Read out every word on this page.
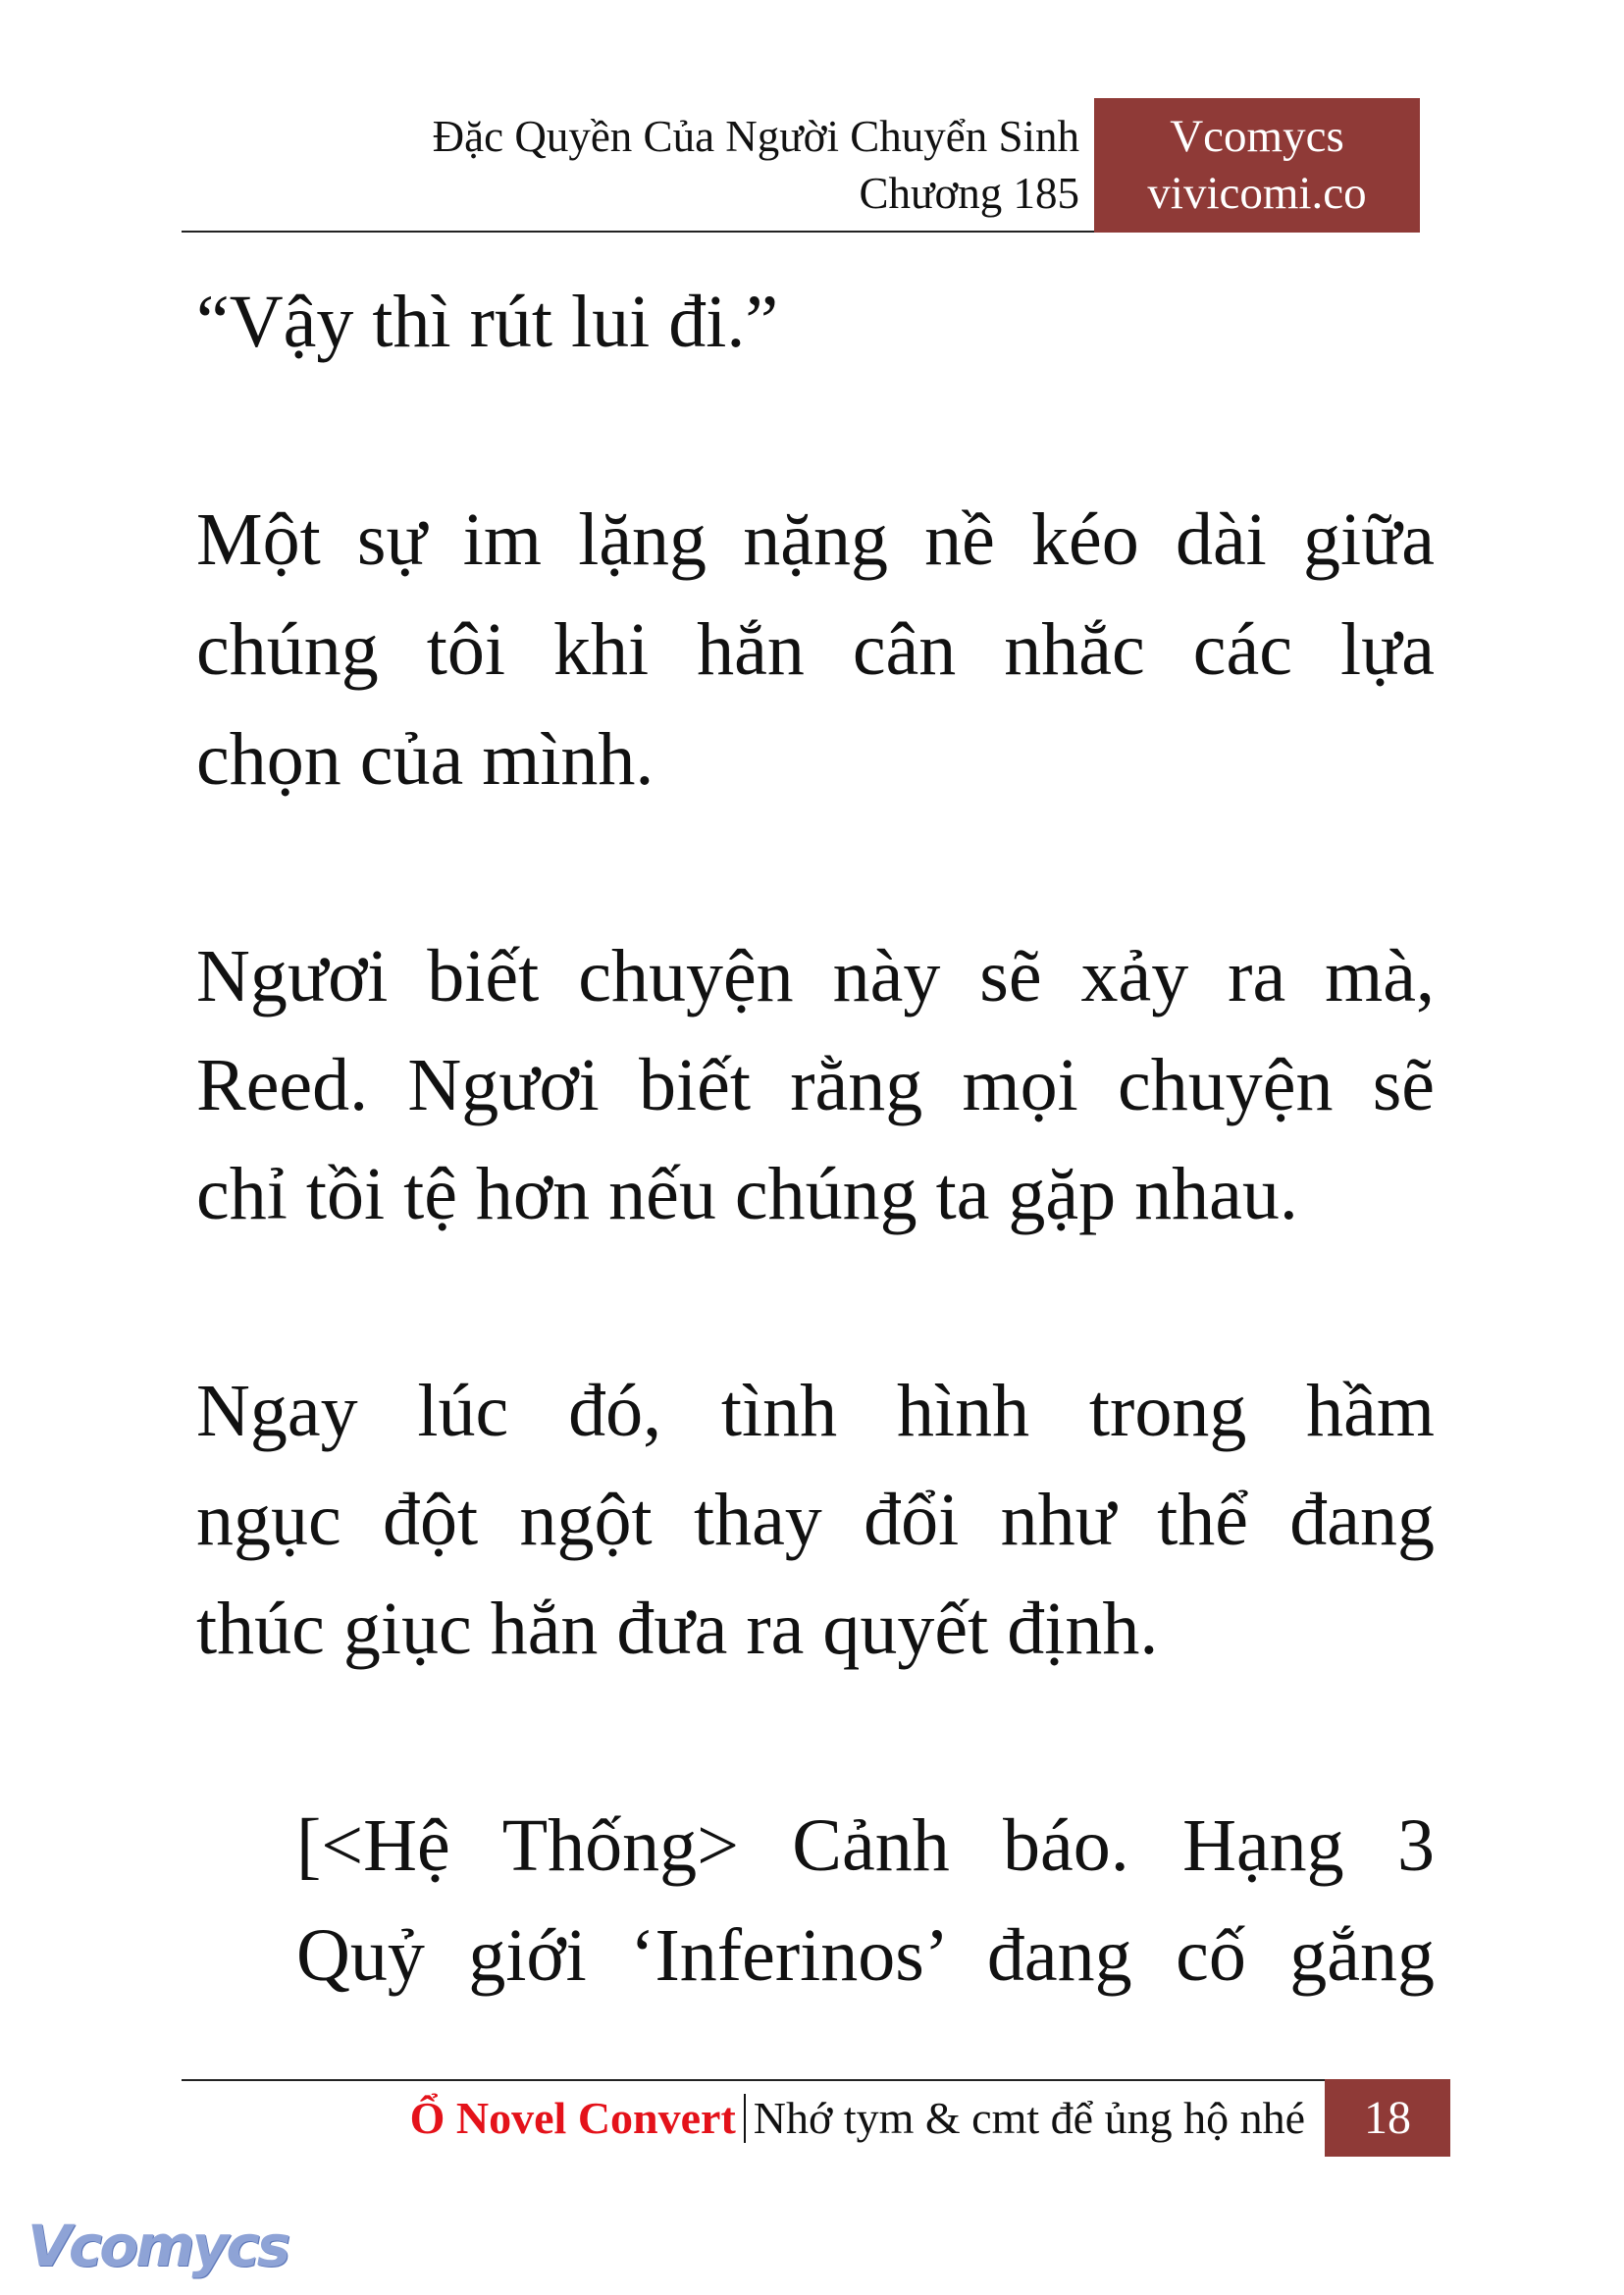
Đặc Quyền Của Người Chuyển Sinh
Chương 185
Vcomycs
vivicomi.co
“Vậy thì rút lui đi.”
Một sự im lặng nặng nề kéo dài giữa
chúng tôi khi hắn cân nhắc các lựa
chọn của mình.
Ngươi biết chuyện này sẽ xảy ra mà,
Reed. Ngươi biết rằng mọi chuyện sẽ
chỉ tồi tệ hơn nếu chúng ta gặp nhau.
Ngay lúc đó, tình hình trong hầm
ngục đột ngột thay đổi như thể đang
thúc giục hắn đưa ra quyết định.
[<Hệ Thống> Cảnh báo. Hạng 3
Quỷ giới ‘Inferinos’ đang cố gắng
Ổ Novel Convert Nhớ tym & cmt để ủng hộ nhé	18
Vcomycs
